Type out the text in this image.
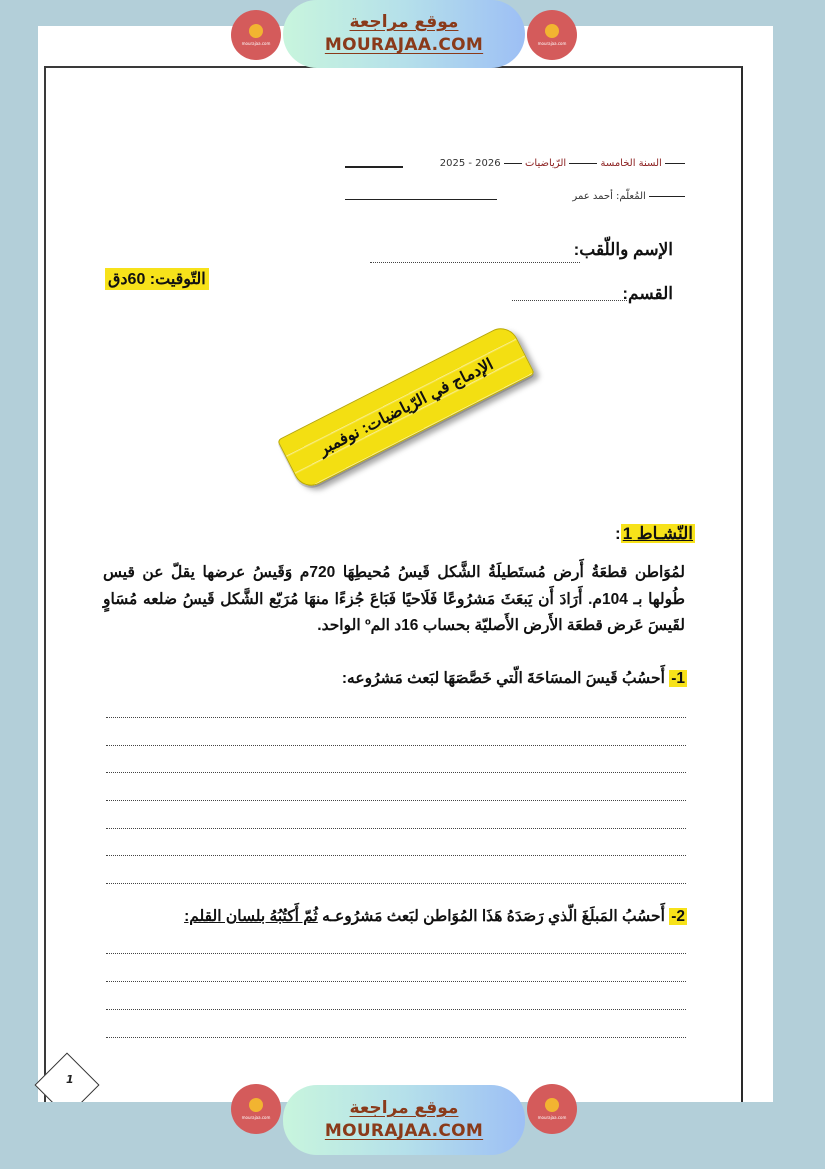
mourajaa.com
موقع مراجعة
MOURAJAA.COM	mourajaa.com
السنة الخامسة  الرّياضيات  2025 - 2026
المُعلّم: أحمد عمر
الإسم واللّقب:
القسم:
التّوقيت: 60دق
الإدماج في الرّياضيات: نوفمبر
النّشـاط 1:

لمُوَاطن قطعَةُ أَرض مُستَطيلَةُ الشَّكل قَيسُ مُحيطِهَا 720م وَقَيسُ عرضها يقلّ عن قيس طُولها بـ 104م. أَرَادَ أَن يَبعَثَ مَشرُوعًا فَلَاحيًا فَبَاعَ جُزءًا منهَا مُرَبّع الشَّكل قَيسُ ضلعه مُسَاوٍ لقَيسَ عَرض قطعَة الأَرض الأَصليّة بحساب 16د المº الواحد.

1- أَحسُبُ قَيسَ المسَاحَةَ الّتي خَصَّصَهَا لبَعث مَشرُوعه:
2- أَحسُبُ المَبلَغَ الّذي رَصَدَهُ هَذَا المُوَاطن لبَعث مَشرُوعـه ثُمّ أَكتُبُهُ بلسان القلم:
1
mourajaa.com	موقع مراجعة
MOURAJAA.COM
mourajaa.com
